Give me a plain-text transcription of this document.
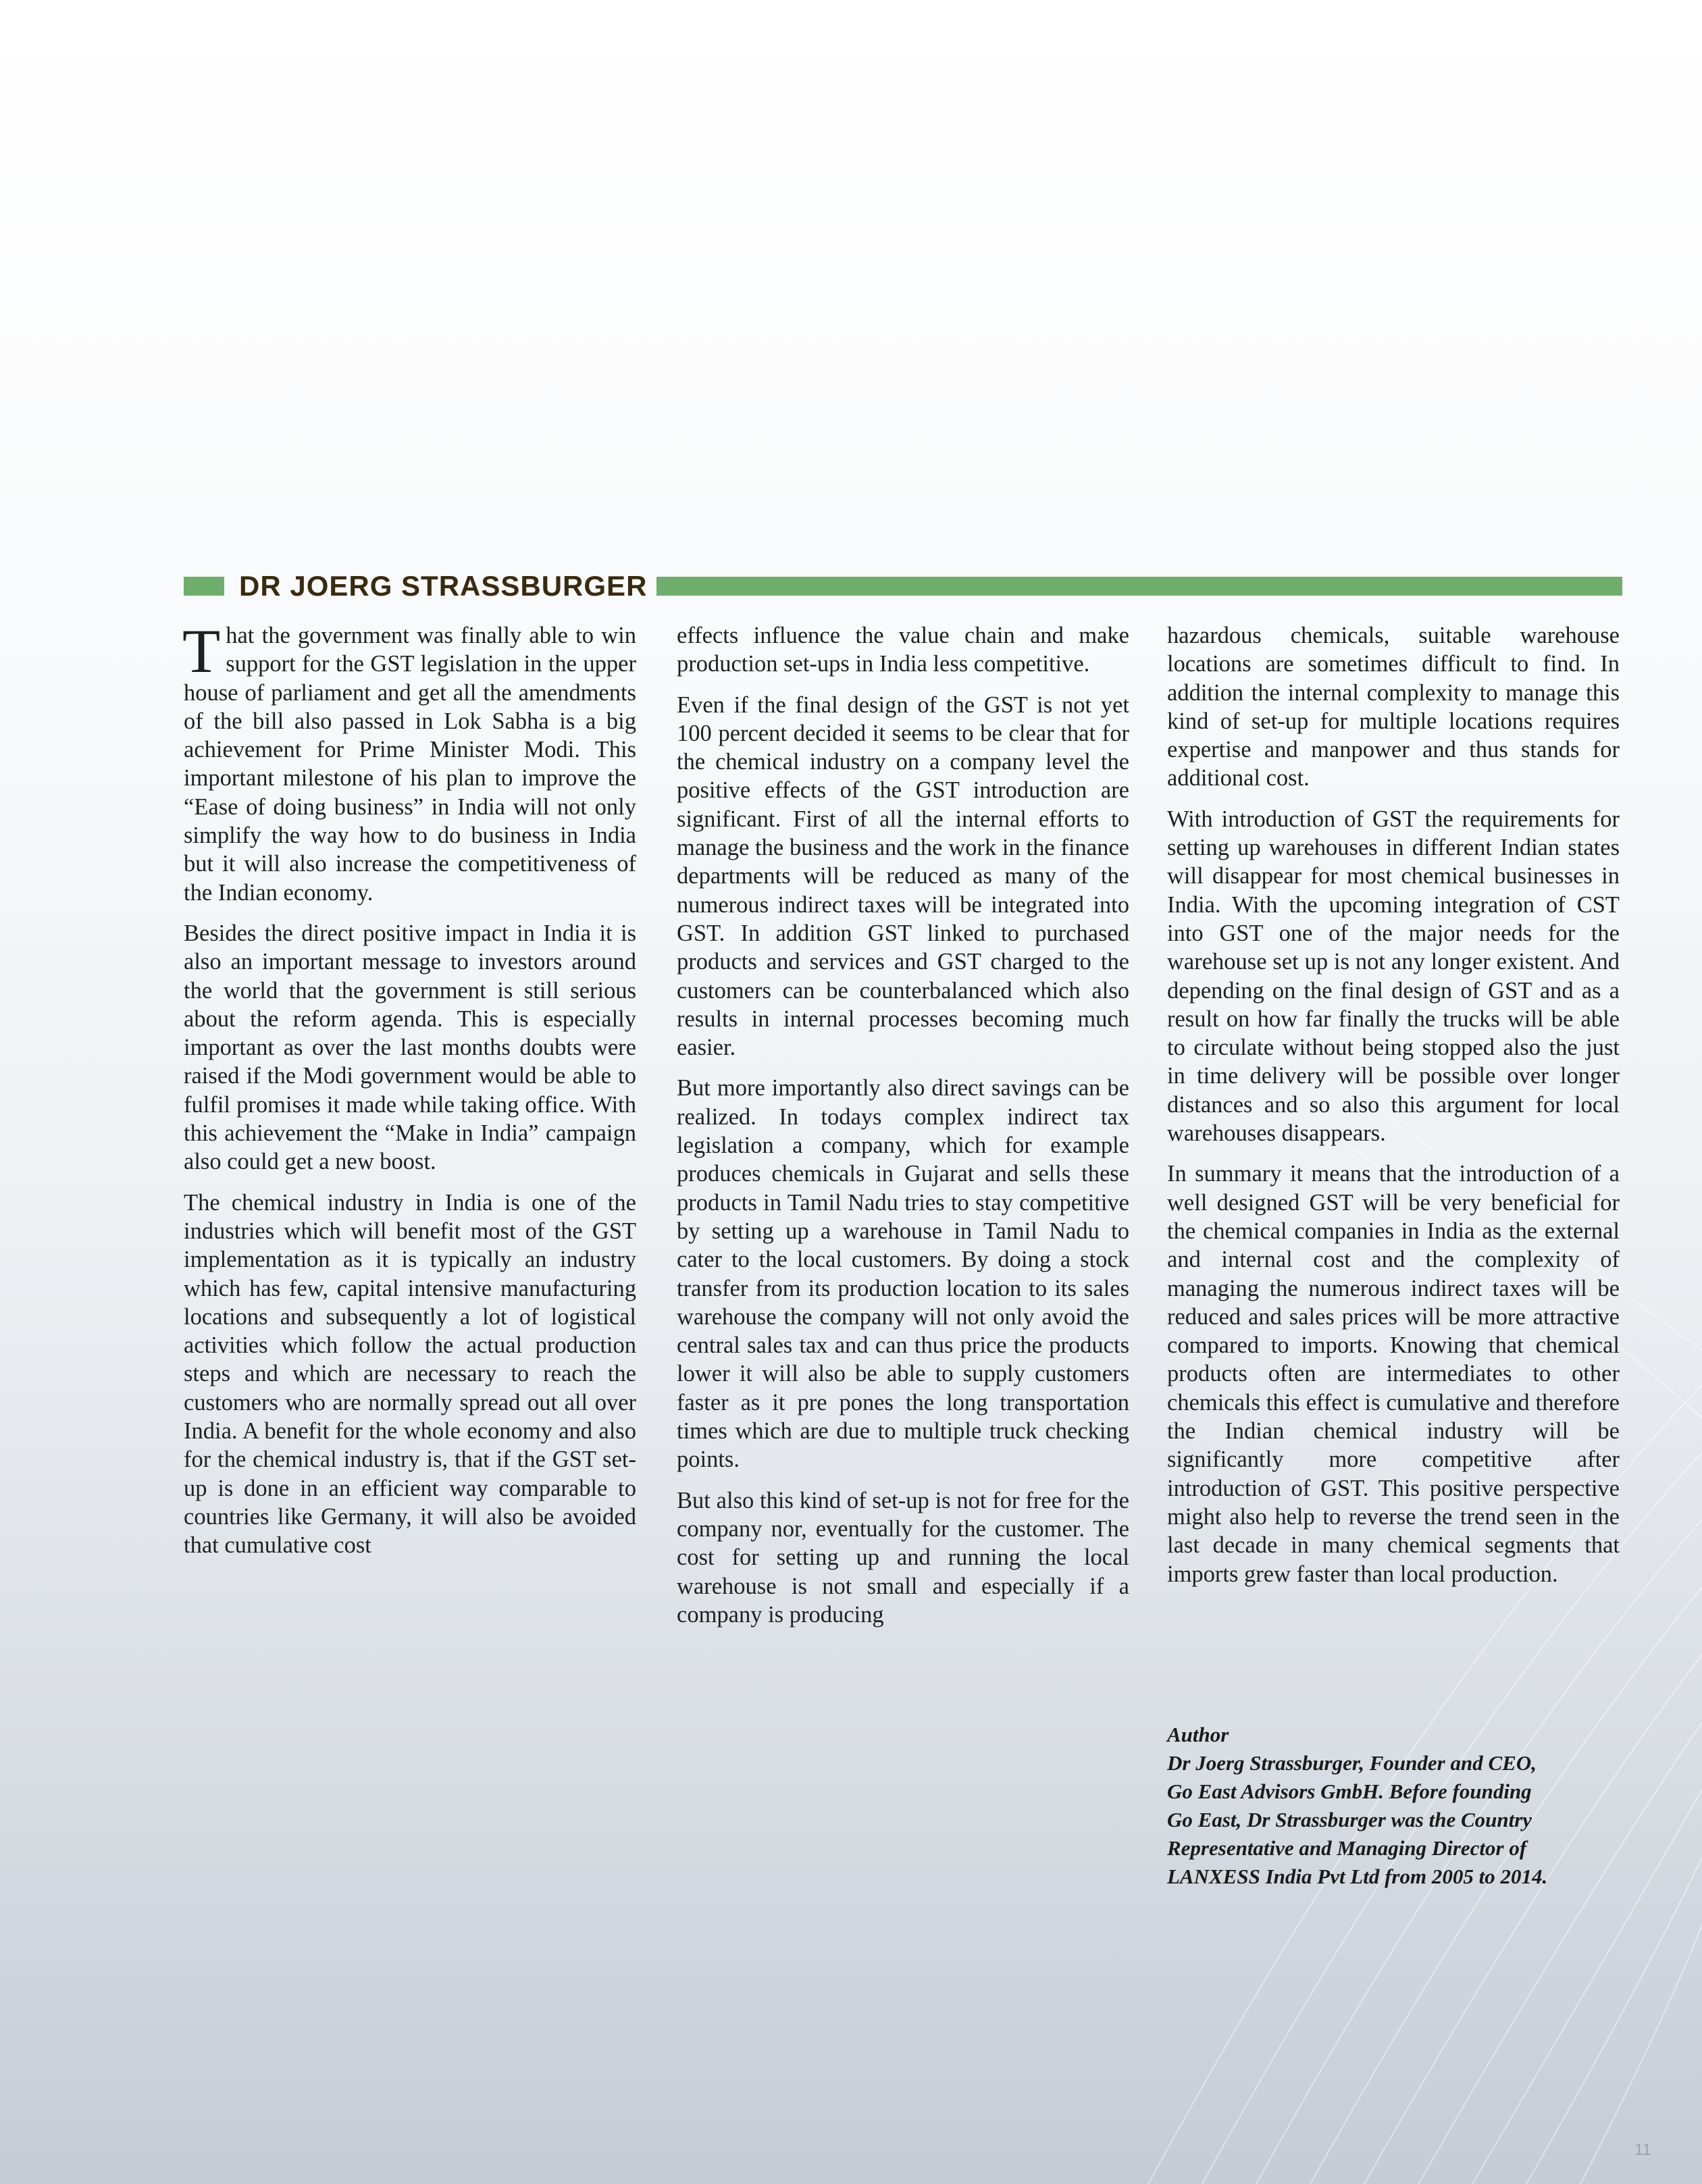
DR JOERG STRASSBURGER

That the government was finally able to win support for the GST legislation in the upper house of parliament and get all the amendments of the bill also passed in Lok Sabha is a big achievement for Prime Minister Modi. This important milestone of his plan to improve the “Ease of doing business” in India will not only simplify the way how to do business in India but it will also increase the competitiveness of the Indian economy.

Besides the direct positive impact in India it is also an important message to investors around the world that the government is still serious about the reform agenda. This is especially important as over the last months doubts were raised if the Modi government would be able to fulfil promises it made while taking office. With this achievement the “Make in India” campaign also could get a new boost.

The chemical industry in India is one of the industries which will benefit most of the GST implementation as it is typically an industry which has few, capital intensive manufacturing locations and subsequently a lot of logistical activities which follow the actual production steps and which are necessary to reach the customers who are normally spread out all over India. A benefit for the whole economy and also for the chemical industry is, that if the GST set-up is done in an efficient way comparable to countries like Germany, it will also be avoided that cumulative cost

effects influence the value chain and make production set-ups in India less competitive.

Even if the final design of the GST is not yet 100 percent decided it seems to be clear that for the chemical industry on a company level the positive effects of the GST introduction are significant. First of all the internal efforts to manage the business and the work in the finance departments will be reduced as many of the numerous indirect taxes will be integrated into GST. In addition GST linked to purchased products and services and GST charged to the customers can be counterbalanced which also results in internal processes becoming much easier.

But more importantly also direct savings can be realized. In todays complex indirect tax legislation a company, which for example produces chemicals in Gujarat and sells these products in Tamil Nadu tries to stay competitive by setting up a warehouse in Tamil Nadu to cater to the local customers. By doing a stock transfer from its production location to its sales warehouse the company will not only avoid the central sales tax and can thus price the products lower it will also be able to supply customers faster as it pre pones the long transportation times which are due to multiple truck checking points.

But also this kind of set-up is not for free for the company nor, eventually for the customer. The cost for setting up and running the local warehouse is not small and especially if a company is producing

hazardous chemicals, suitable warehouse locations are sometimes difficult to find. In addition the internal complexity to manage this kind of set-up for multiple locations requires expertise and manpower and thus stands for additional cost.

With introduction of GST the requirements for setting up warehouses in different Indian states will disappear for most chemical businesses in India. With the upcoming integration of CST into GST one of the major needs for the warehouse set up is not any longer existent. And depending on the final design of GST and as a result on how far finally the trucks will be able to circulate without being stopped also the just in time delivery will be possible over longer distances and so also this argument for local warehouses disappears.

In summary it means that the introduction of a well designed GST will be very beneficial for the chemical companies in India as the external and internal cost and the complexity of managing the numerous indirect taxes will be reduced and sales prices will be more attractive compared to imports. Knowing that chemical products often are intermediates to other chemicals this effect is cumulative and therefore the Indian chemical industry will be significantly more competitive after introduction of GST. This positive perspective might also help to reverse the trend seen in the last decade in many chemical segments that imports grew faster than local production.

Author
Dr Joerg Strassburger, Founder and CEO,
Go East Advisors GmbH. Before founding
Go East, Dr Strassburger was the Country
Representative and Managing Director of
LANXESS India Pvt Ltd from 2005 to 2014.
11
